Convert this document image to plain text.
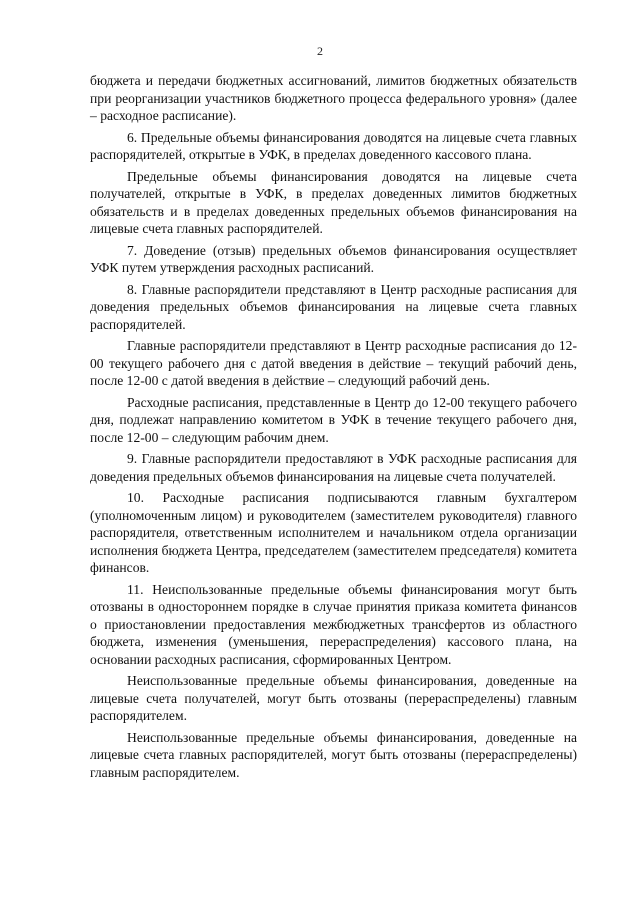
2

бюджета и передачи бюджетных ассигнований, лимитов бюджетных обязательств при реорганизации участников бюджетного процесса федерального уровня» (далее – расходное расписание).

6. Предельные объемы финансирования доводятся на лицевые счета главных распорядителей, открытые в УФК, в пределах доведенного кассового плана.

Предельные объемы финансирования доводятся на лицевые счета получателей, открытые в УФК, в пределах доведенных лимитов бюджетных обязательств и в пределах доведенных предельных объемов финансирования на лицевые счета главных распорядителей.

7. Доведение (отзыв) предельных объемов финансирования осуществляет УФК путем утверждения расходных расписаний.

8. Главные распорядители представляют в Центр расходные расписания для доведения предельных объемов финансирования на лицевые счета главных распорядителей.

Главные распорядители представляют в Центр расходные расписания до 12-00 текущего рабочего дня с датой введения в действие – текущий рабочий день, после 12-00 с датой введения в действие – следующий рабочий день.

Расходные расписания, представленные в Центр до 12-00 текущего рабочего дня, подлежат направлению комитетом в УФК в течение текущего рабочего дня, после 12-00 – следующим рабочим днем.

9. Главные распорядители предоставляют в УФК расходные расписания для доведения предельных объемов финансирования на лицевые счета получателей.

10. Расходные расписания подписываются главным бухгалтером (уполномоченным лицом) и руководителем (заместителем руководителя) главного распорядителя, ответственным исполнителем и начальником отдела организации исполнения бюджета Центра, председателем (заместителем председателя) комитета финансов.

11. Неиспользованные предельные объемы финансирования могут быть отозваны в одностороннем порядке в случае принятия приказа комитета финансов о приостановлении предоставления межбюджетных трансфертов из областного бюджета, изменения (уменьшения, перераспределения) кассового плана, на основании расходных расписания, сформированных Центром.

Неиспользованные предельные объемы финансирования, доведенные на лицевые счета получателей, могут быть отозваны (перераспределены) главным распорядителем.

Неиспользованные предельные объемы финансирования, доведенные на лицевые счета главных распорядителей, могут быть отозваны (перераспределены) главным распорядителем.
